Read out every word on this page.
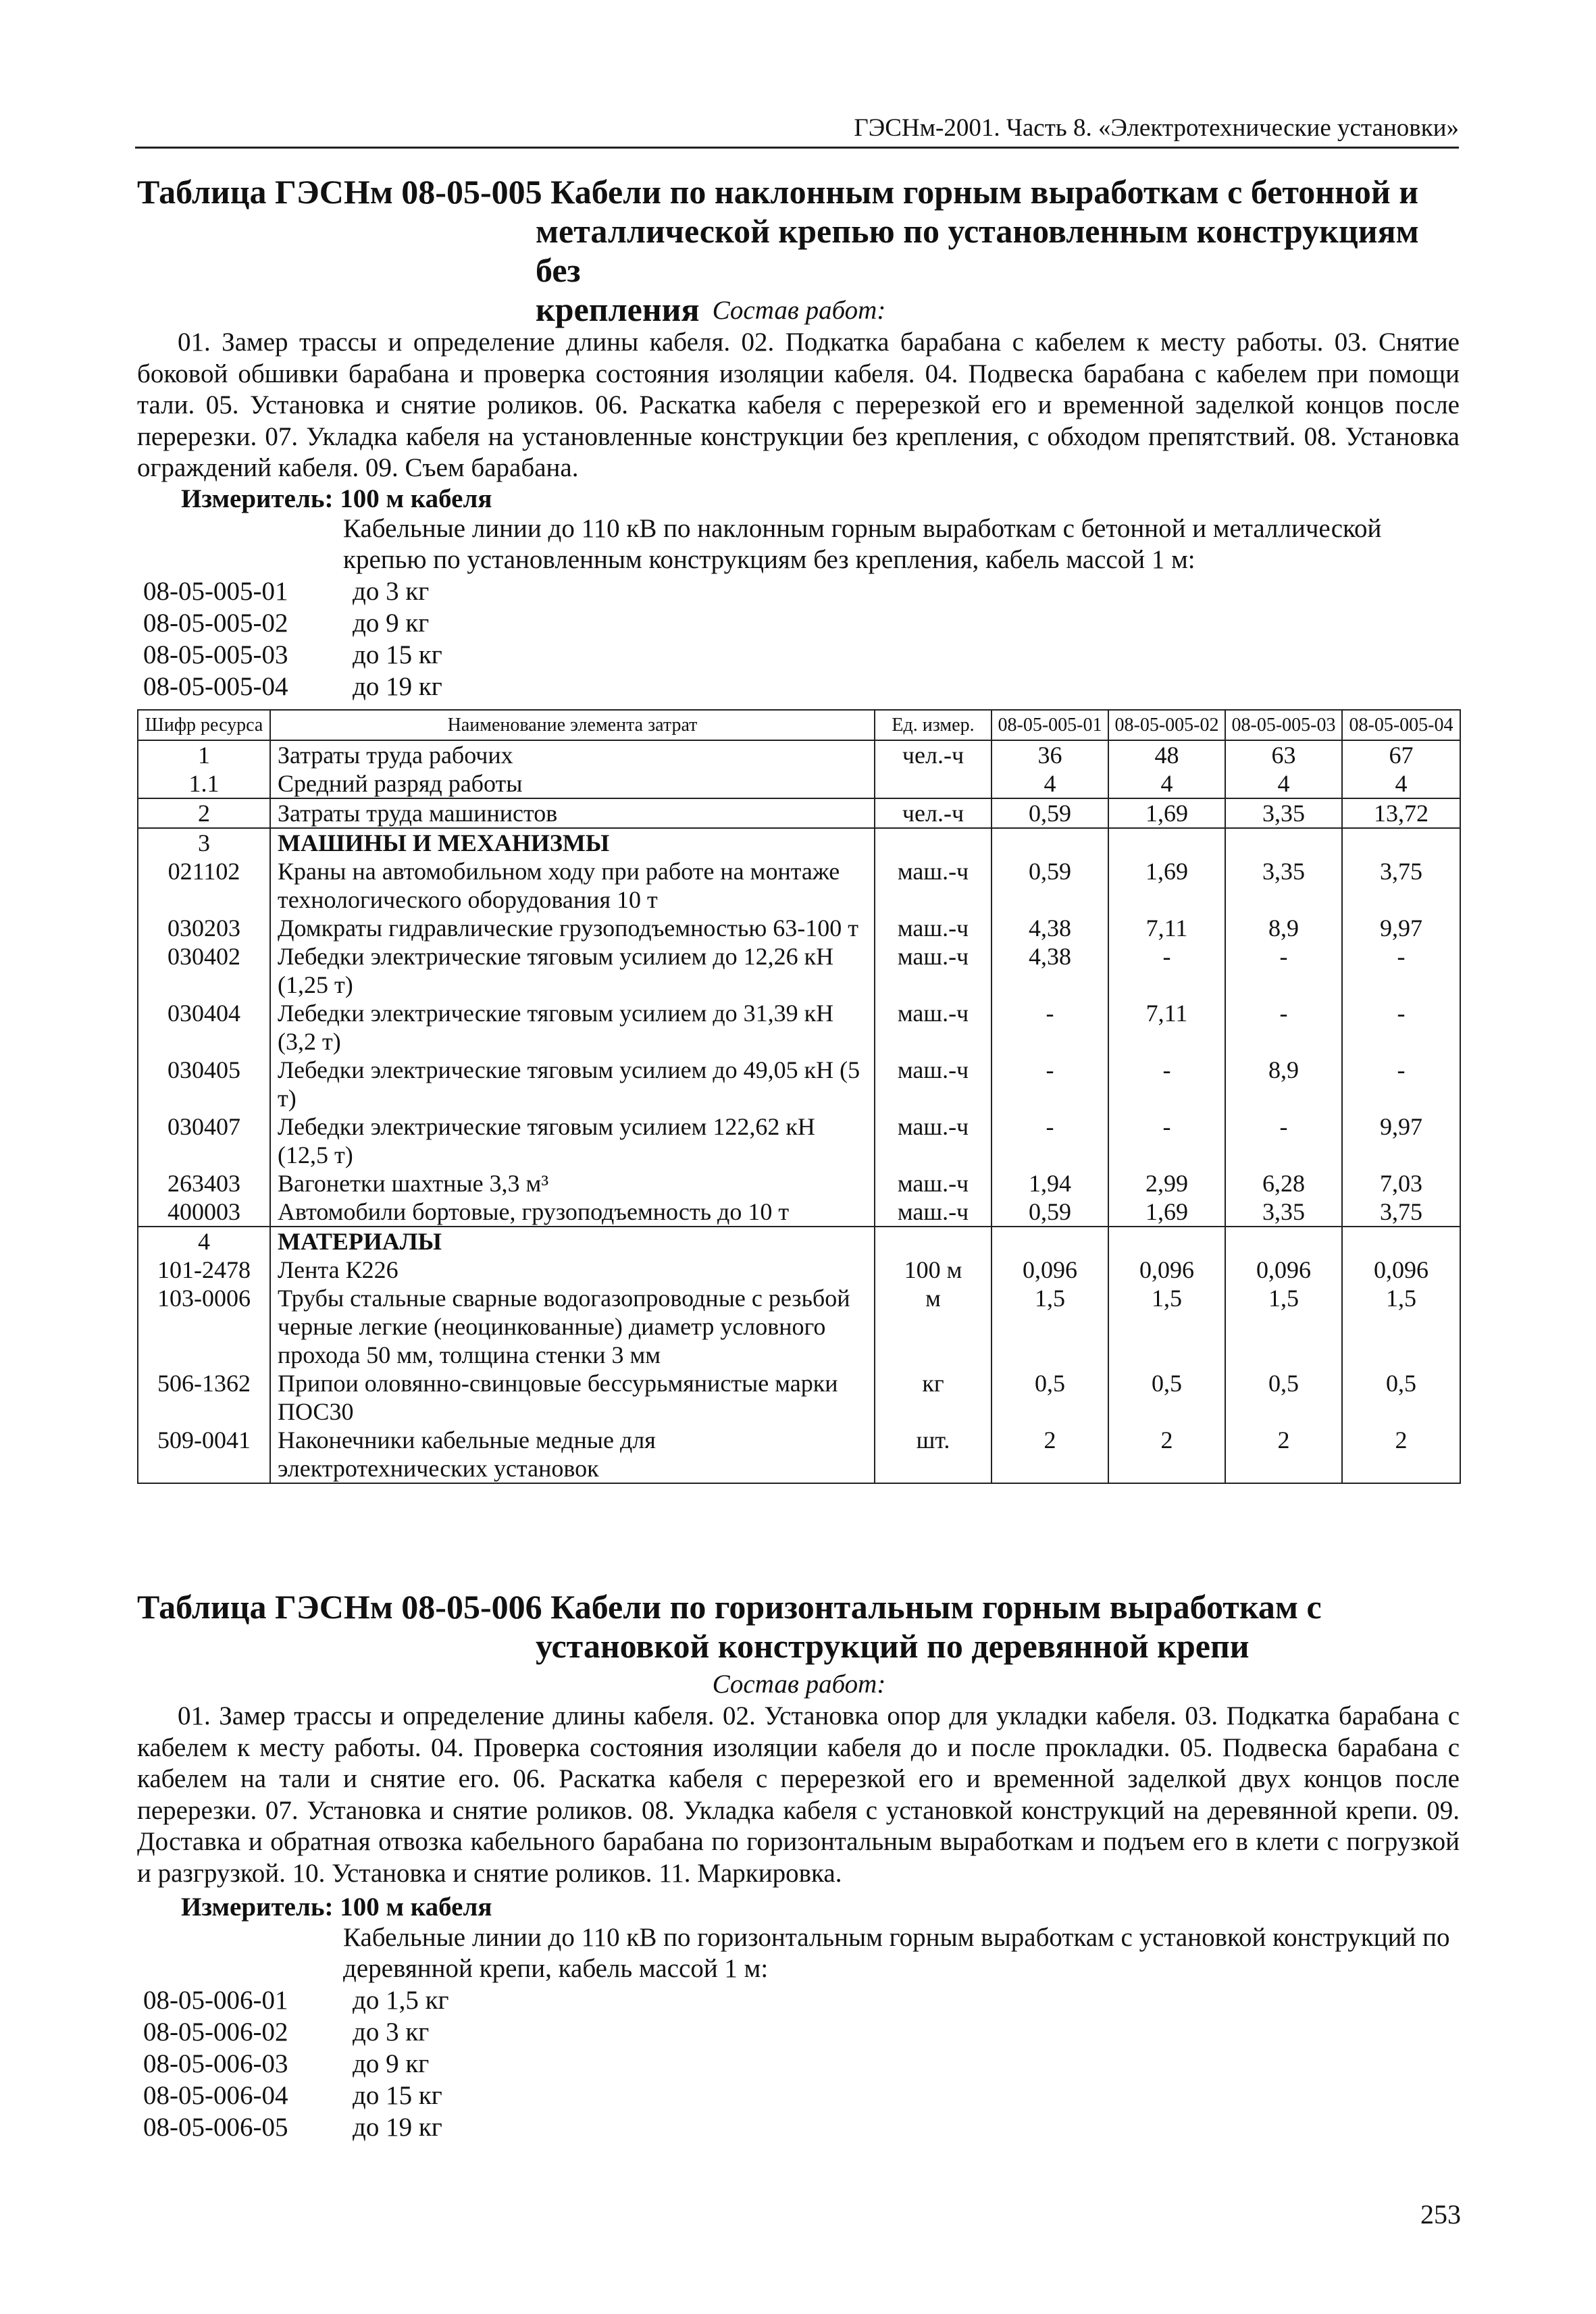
ГЭСНм-2001. Часть 8. «Электротехнические установки»
Таблица ГЭСНм 08-05-005 Кабели по наклонным горным выработкам с бетонной и
металлической крепью по установленным конструкциям без
крепления Состав работ:
01. Замер трассы и определение длины кабеля. 02. Подкатка барабана с кабелем к месту работы. 03. Снятие боковой обшивки барабана и проверка состояния изоляции кабеля. 04. Подвеска барабана с кабелем при помощи тали. 05. Установка и снятие роликов. 06. Раскатка кабеля с перерезкой его и временной заделкой концов после перерезки. 07. Укладка кабеля на установленные конструкции без крепления, с обходом препятствий. 08. Установка ограждений кабеля. 09. Съем барабана.
Измеритель: 100 м кабеля
Кабельные линии до 110 кВ по наклонным горным выработкам с бетонной и металлической крепью по установленным конструкциям без крепления, кабель массой 1 м:
08-05-005-01	до 3 кг
08-05-005-02	до 9 кг
08-05-005-03	до 15 кг
08-05-005-04	до 19 кг
Шифр ресурса	Наименование элемента затрат	Ед. измер.	08-05-005-01	08-05-005-02	08-05-005-03	08-05-005-04
1	Затраты труда рабочих	чел.-ч	36	48	63	67
1.1	Средний разряд работы		4	4	4	4
2	Затраты труда машинистов	чел.-ч	0,59	1,69	3,35	13,72
3	МАШИНЫ И МЕХАНИЗМЫ					
021102	Краны на автомобильном ходу при работе на монтаже технологического оборудования 10 т	маш.-ч	0,59	1,69	3,35	3,75
030203	Домкраты гидравлические грузоподъемностью 63-100 т	маш.-ч	4,38	7,11	8,9	9,97
030402	Лебедки электрические тяговым усилием до 12,26 кН (1,25 т)	маш.-ч	4,38	-	-	-
030404	Лебедки электрические тяговым усилием до 31,39 кН (3,2 т)	маш.-ч	-	7,11	-	-
030405	Лебедки электрические тяговым усилием до 49,05 кН (5 т)	маш.-ч	-	-	8,9	-
030407	Лебедки электрические тяговым усилием 122,62 кН (12,5 т)	маш.-ч	-	-	-	9,97
263403	Вагонетки шахтные 3,3 м³	маш.-ч	1,94	2,99	6,28	7,03
400003	Автомобили бортовые, грузоподъемность до 10 т	маш.-ч	0,59	1,69	3,35	3,75
4	МАТЕРИАЛЫ					
101-2478	Лента К226	100 м	0,096	0,096	0,096	0,096
103-0006	Трубы стальные сварные водогазопроводные с резьбой черные легкие (неоцинкованные) диаметр условного прохода 50 мм, толщина стенки 3 мм	м	1,5	1,5	1,5	1,5
506-1362	Припои оловянно-свинцовые бессурьмянистые марки ПОС30	кг	0,5	0,5	0,5	0,5
509-0041	Наконечники кабельные медные для электротехнических установок	шт.	2	2	2	2
Таблица ГЭСНм 08-05-006 Кабели по горизонтальным горным выработкам с
установкой конструкций по деревянной крепи
Состав работ:
01. Замер трассы и определение длины кабеля. 02. Установка опор для укладки кабеля. 03. Подкатка барабана с кабелем к месту работы. 04. Проверка состояния изоляции кабеля до и после прокладки. 05. Подвеска барабана с кабелем на тали и снятие его. 06. Раскатка кабеля с перерезкой его и временной заделкой двух концов после перерезки. 07. Установка и снятие роликов. 08. Укладка кабеля с установкой конструкций на деревянной крепи. 09. Доставка и обратная отвозка кабельного барабана по горизонтальным выработкам и подъем его в клети с погрузкой и разгрузкой. 10. Установка и снятие роликов. 11. Маркировка.
Измеритель: 100 м кабеля
Кабельные линии до 110 кВ по горизонтальным горным выработкам с установкой конструкций по деревянной крепи, кабель массой 1 м:
08-05-006-01	до 1,5 кг
08-05-006-02	до 3 кг
08-05-006-03	до 9 кг
08-05-006-04	до 15 кг
08-05-006-05	до 19 кг
253
